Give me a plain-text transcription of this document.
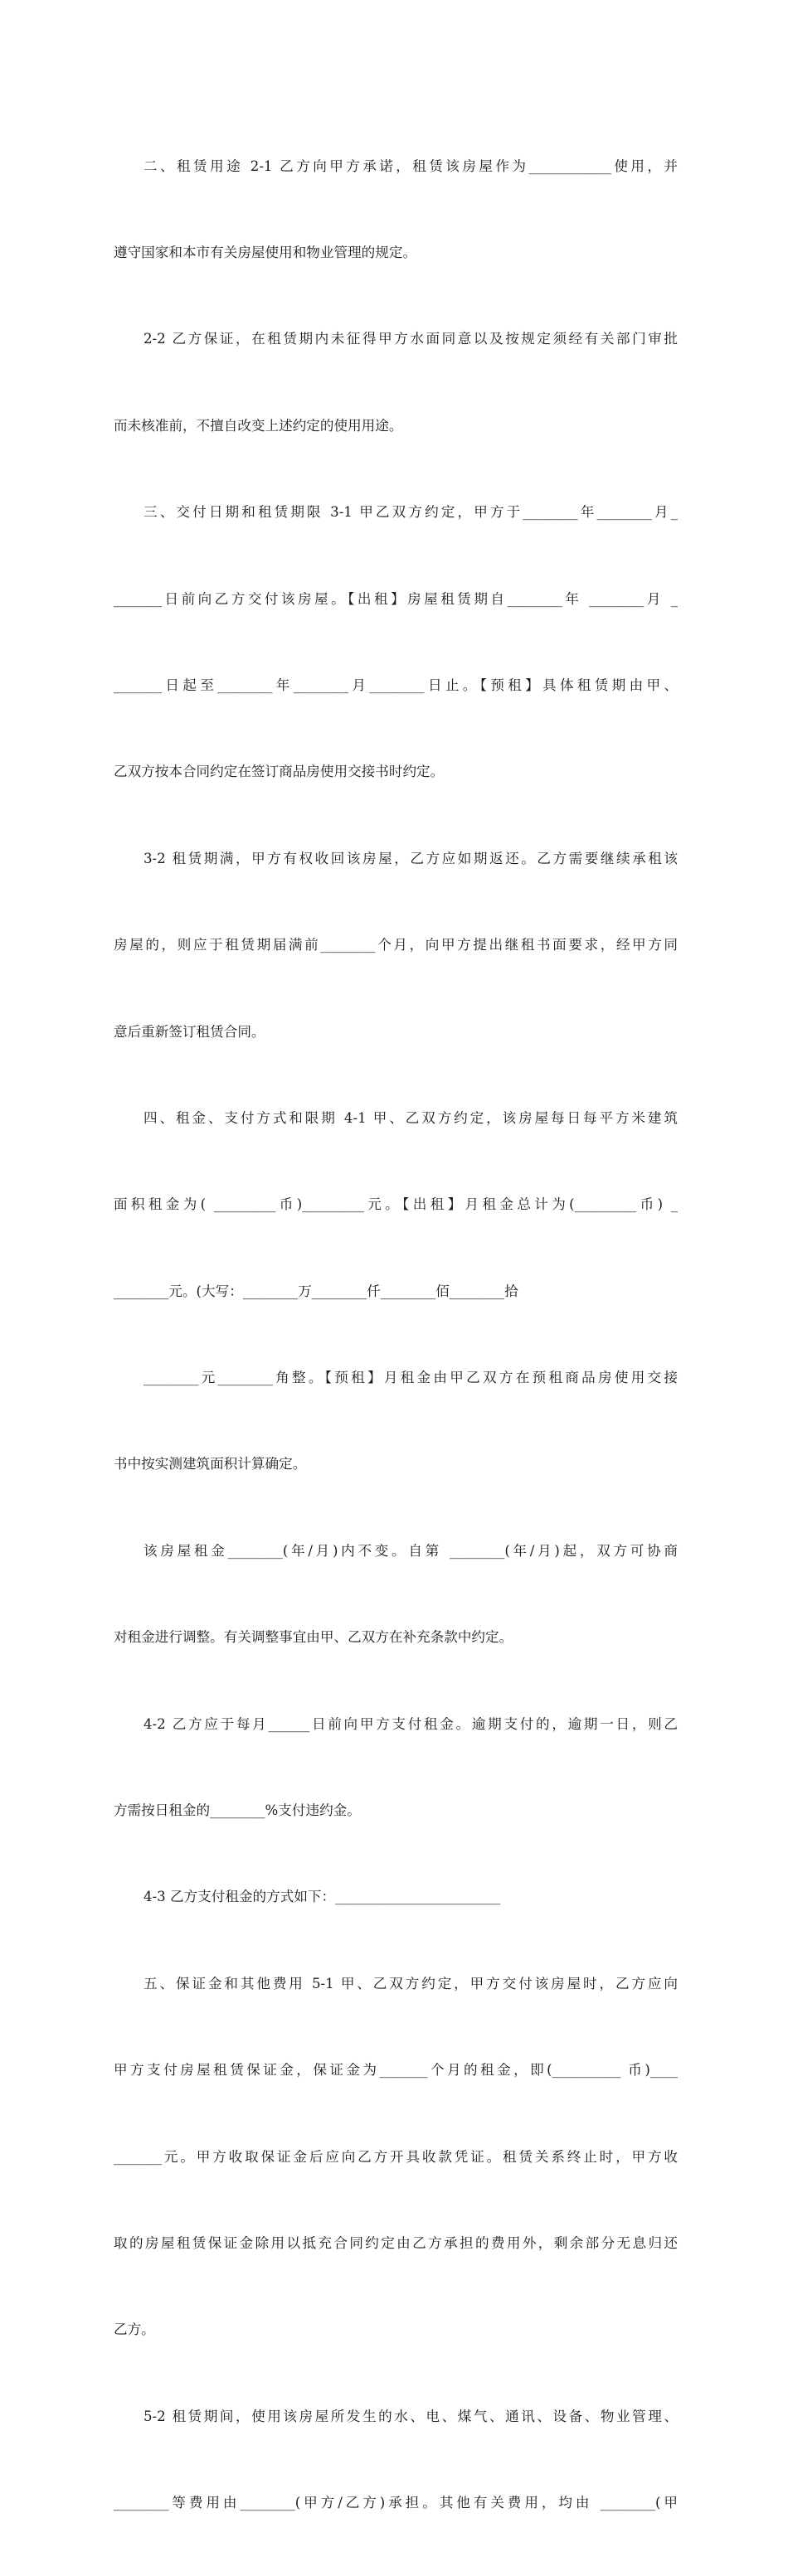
二、租赁用途 2-1 乙方向甲方承诺，租赁该房屋作为____________使用，并

遵守国家和本市有关房屋使用和物业管理的规定。

2-2 乙方保证，在租赁期内未征得甲方水面同意以及按规定须经有关部门审批

而未核准前，不擅自改变上述约定的使用用途。

三、交付日期和租赁期限 3-1 甲乙双方约定，甲方于________年________月_

_______日前向乙方交付该房屋。【出租】房屋租赁期自________年 ________月 _

_______日起至________年________月________日止。【预租】具体租赁期由甲、

乙双方按本合同约定在签订商品房使用交接书时约定。

3-2 租赁期满，甲方有权收回该房屋，乙方应如期返还。乙方需要继续承租该

房屋的，则应于租赁期届满前________个月，向甲方提出继租书面要求，经甲方同

意后重新签订租赁合同。

四、租金、支付方式和限期 4-1 甲、乙双方约定，该房屋每日每平方米建筑

面积租金为( _________币)_________元。【出租】月租金总计为(_________币) _

________元。(大写：________万________仟________佰________拾

________元________角整。【预租】月租金由甲乙双方在预租商品房使用交接

书中按实测建筑面积计算确定。

该房屋租金________(年/月)内不变。自第 ________(年/月)起，双方可协商

对租金进行调整。有关调整事宜由甲、乙双方在补充条款中约定。

4-2 乙方应于每月______日前向甲方支付租金。逾期支付的，逾期一日，则乙

方需按日租金的________%支付违约金。

4-3 乙方支付租金的方式如下：________________________

五、保证金和其他费用 5-1 甲、乙双方约定，甲方交付该房屋时，乙方应向

甲方支付房屋租赁保证金，保证金为_______个月的租金，即(__________ 币)____

_______元。甲方收取保证金后应向乙方开具收款凭证。租赁关系终止时，甲方收

取的房屋租赁保证金除用以抵充合同约定由乙方承担的费用外，剩余部分无息归还

乙方。

5-2 租赁期间，使用该房屋所发生的水、电、煤气、通讯、设备、物业管理、

________等费用由________(甲方/乙方)承担。其他有关费用，均由 ________(甲
